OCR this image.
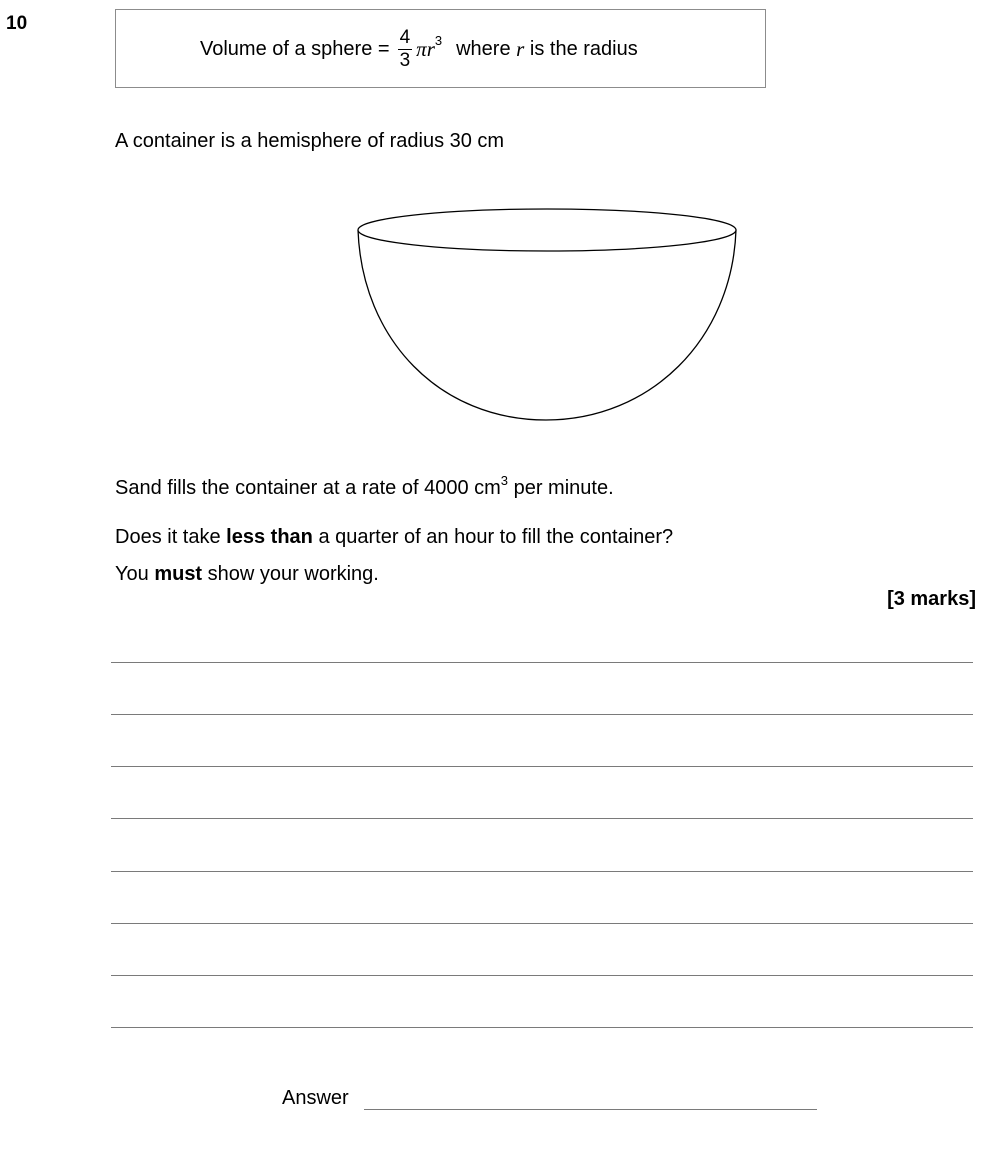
10
Volume of a sphere = $\frac{4}{3}$ π r 3 where
r
is the radius
A container is a hemisphere of radius 30 cm
Sand fills the container at a rate of 4000 $cm^3$ per minute.
Does it take less than a quarter of an hour to fill the container?
You must show your working.
[3 marks]
Answer
